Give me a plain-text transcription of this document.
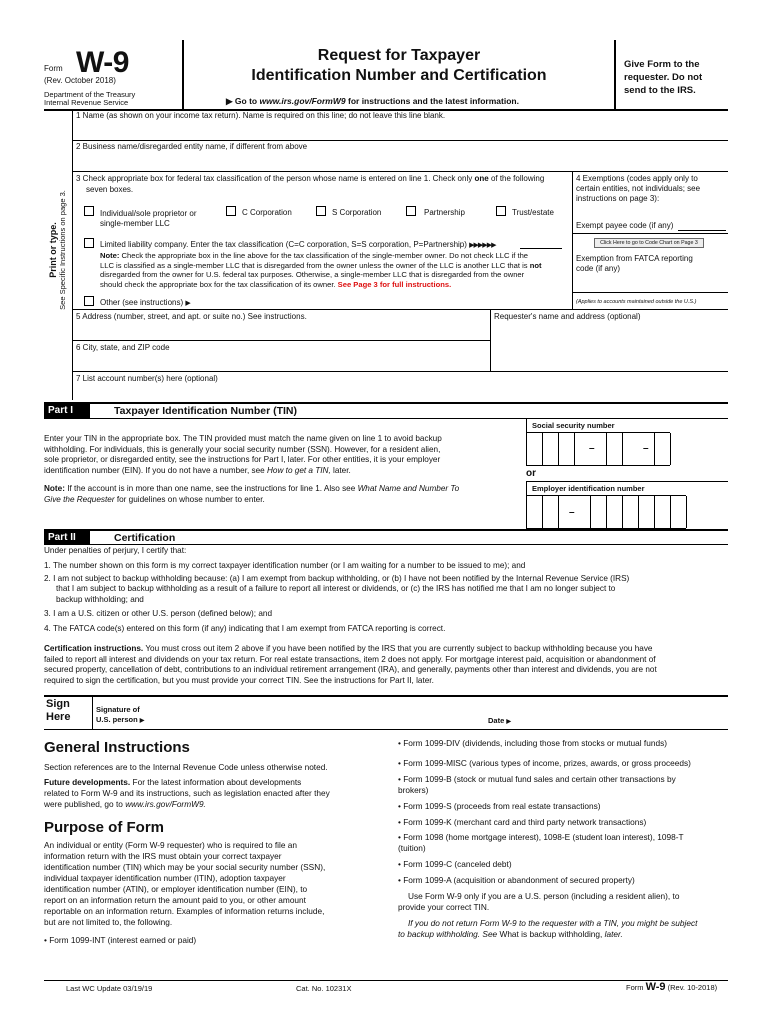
Form W-9
(Rev. October 2018)
Department of the Treasury
Internal Revenue Service
Request for Taxpayer
Identification Number and Certification
▶ Go to www.irs.gov/FormW9 for instructions and the latest information.
Give Form to the requester. Do not send to the IRS.
Print or type. See Specific Instructions on page 3.
1 Name (as shown on your income tax return). Name is required on this line; do not leave this line blank.
2 Business name/disregarded entity name, if different from above
3 Check appropriate box for federal tax classification of the person whose name is entered on line 1. Check only one of the following
seven boxes.
Individual/sole proprietor or
single-member LLC
C Corporation	S Corporation	Partnership	Trust/estate
Limited liability company. Enter the tax classification (C=C corporation, S=S corporation, P=Partnership) ▶▶▶▶▶▶
Note: Check the appropriate box in the line above for the tax classification of the single-member owner. Do not check LLC if the
LLC is classified as a single-member LLC that is disregarded from the owner unless the owner of the LLC is another LLC that is not
disregarded from the owner for U.S. federal tax purposes. Otherwise, a single-member LLC that is disregarded from the owner
should check the appropriate box for the tax classification of its owner. See Page 3 for full instructions.
Other (see instructions) ▶
4 Exemptions (codes apply only to
certain entities, not individuals; see
instructions on page 3):
Exempt payee code (if any)
Click Here to go to Code Chart on Page 3
Exemption from FATCA reporting
code (if any)
(Applies to accounts maintained outside the U.S.)
5 Address (number, street, and apt. or suite no.) See instructions.	Requester's name and address (optional)
6 City, state, and ZIP code
7 List account number(s) here (optional)
Part I	Taxpayer Identification Number (TIN)
Enter your TIN in the appropriate box. The TIN provided must match the name given on line 1 to avoid backup
withholding. For individuals, this is generally your social security number (SSN). However, for a resident alien,
sole proprietor, or disregarded entity, see the instructions for Part I, later. For other entities, it is your employer
identification number (EIN). If you do not have a number, see How to get a TIN, later.
Note: If the account is in more than one name, see the instructions for line 1. Also see What Name and Number To
Give the Requester for guidelines on whose number to enter.
Social security number
–	–
or
Employer identification number
–
Part II	Certification
Under penalties of perjury, I certify that:
1. The number shown on this form is my correct taxpayer identification number (or I am waiting for a number to be issued to me); and
2. I am not subject to backup withholding because: (a) I am exempt from backup withholding, or (b) I have not been notified by the Internal Revenue Service (IRS)
that I am subject to backup withholding as a result of a failure to report all interest or dividends, or (c) the IRS has notified me that I am no longer subject to
backup withholding; and
3. I am a U.S. citizen or other U.S. person (defined below); and
4. The FATCA code(s) entered on this form (if any) indicating that I am exempt from FATCA reporting is correct.
Certification instructions. You must cross out item 2 above if you have been notified by the IRS that you are currently subject to backup withholding because you have
failed to report all interest and dividends on your tax return. For real estate transactions, item 2 does not apply. For mortgage interest paid, acquisition or abandonment of
secured property, cancellation of debt, contributions to an individual retirement arrangement (IRA), and generally, payments other than interest and dividends, you are not
required to sign the certification, but you must provide your correct TIN. See the instructions for Part II, later.
Sign
Here
Signature of
U.S. person ▶	Date ▶
General Instructions
Section references are to the Internal Revenue Code unless otherwise noted.
Future developments. For the latest information about developments
related to Form W-9 and its instructions, such as legislation enacted after they
were published, go to www.irs.gov/FormW9.
Purpose of Form
An individual or entity (Form W-9 requester) who is required to file an
information return with the IRS must obtain your correct taxpayer
identification number (TIN) which may be your social security number (SSN),
individual taxpayer identification number (ITIN), adoption taxpayer
identification number (ATIN), or employer identification number (EIN), to
report on an information return the amount paid to you, or other amount
reportable on an information return. Examples of information returns include,
but are not limited to, the following.
• Form 1099-INT (interest earned or paid)
• Form 1099-DIV (dividends, including those from stocks or mutual funds)
• Form 1099-MISC (various types of income, prizes, awards, or gross proceeds)
• Form 1099-B (stock or mutual fund sales and certain other transactions by
brokers)
• Form 1099-S (proceeds from real estate transactions)
• Form 1099-K (merchant card and third party network transactions)
• Form 1098 (home mortgage interest), 1098-E (student loan interest), 1098-T
(tuition)
• Form 1099-C (canceled debt)
• Form 1099-A (acquisition or abandonment of secured property)
Use Form W-9 only if you are a U.S. person (including a resident alien), to
provide your correct TIN.
If you do not return Form W-9 to the requester with a TIN, you might be subject
to backup withholding. See What is backup withholding, later.
Last WC Update 03/19/19	Cat. No. 10231X	Form W-9 (Rev. 10-2018)
